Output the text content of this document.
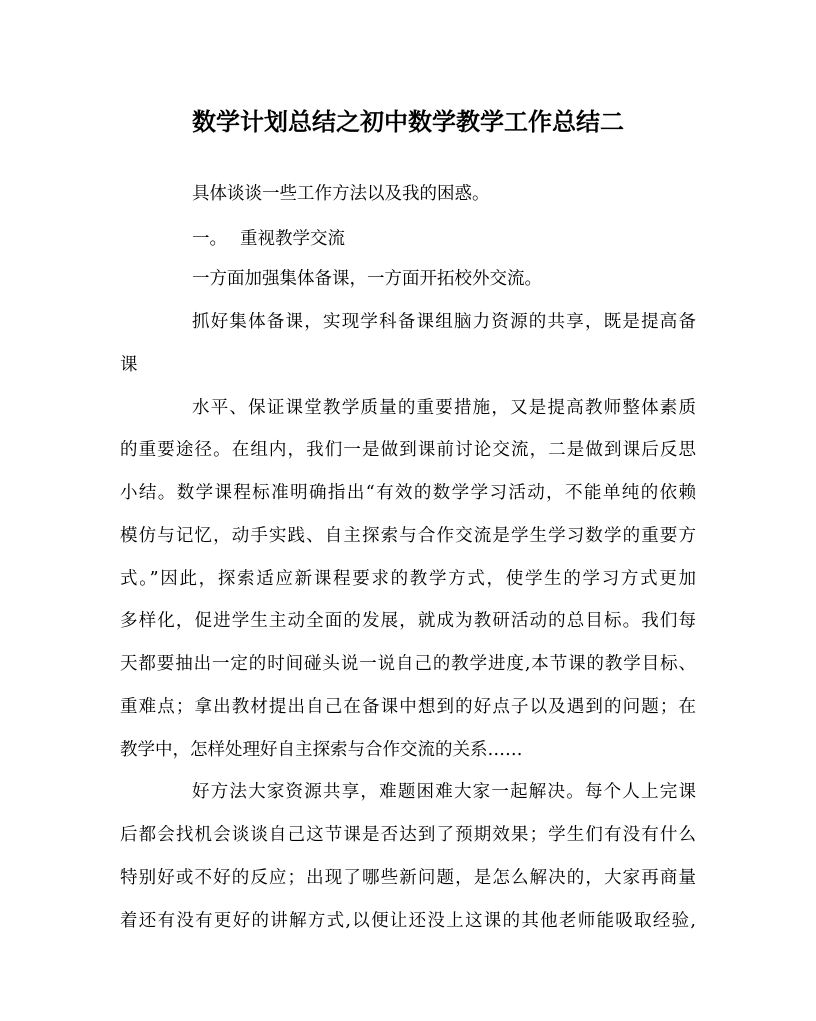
数学计划总结之初中数学教学工作总结二
具体谈谈一些工作方法以及我的困惑。
一。 重视教学交流
一方面加强集体备课，一方面开拓校外交流。
抓好集体备课，实现学科备课组脑力资源的共享，既是提高备
课
水平、保证课堂教学质量的重要措施，又是提高教师整体素质
的重要途径。在组内，我们一是做到课前讨论交流，二是做到课后反思
小结。数学课程标准明确指出“有效的数学学习活动，不能单纯的依赖
模仿与记忆，动手实践、自主探索与合作交流是学生学习数学的重要方
式。”因此，探索适应新课程要求的教学方式，使学生的学习方式更加
多样化，促进学生主动全面的发展，就成为教研活动的总目标。我们每
天都要抽出一定的时间碰头说一说自己的教学进度,本节课的教学目标、
重难点；拿出教材提出自己在备课中想到的好点子以及遇到的问题；在
教学中，怎样处理好自主探索与合作交流的关系……
好方法大家资源共享，难题困难大家一起解决。每个人上完课
后都会找机会谈谈自己这节课是否达到了预期效果；学生们有没有什么
特别好或不好的反应；出现了哪些新问题，是怎么解决的，大家再商量
着还有没有更好的讲解方式,以便让还没上这课的其他老师能吸取经验,
